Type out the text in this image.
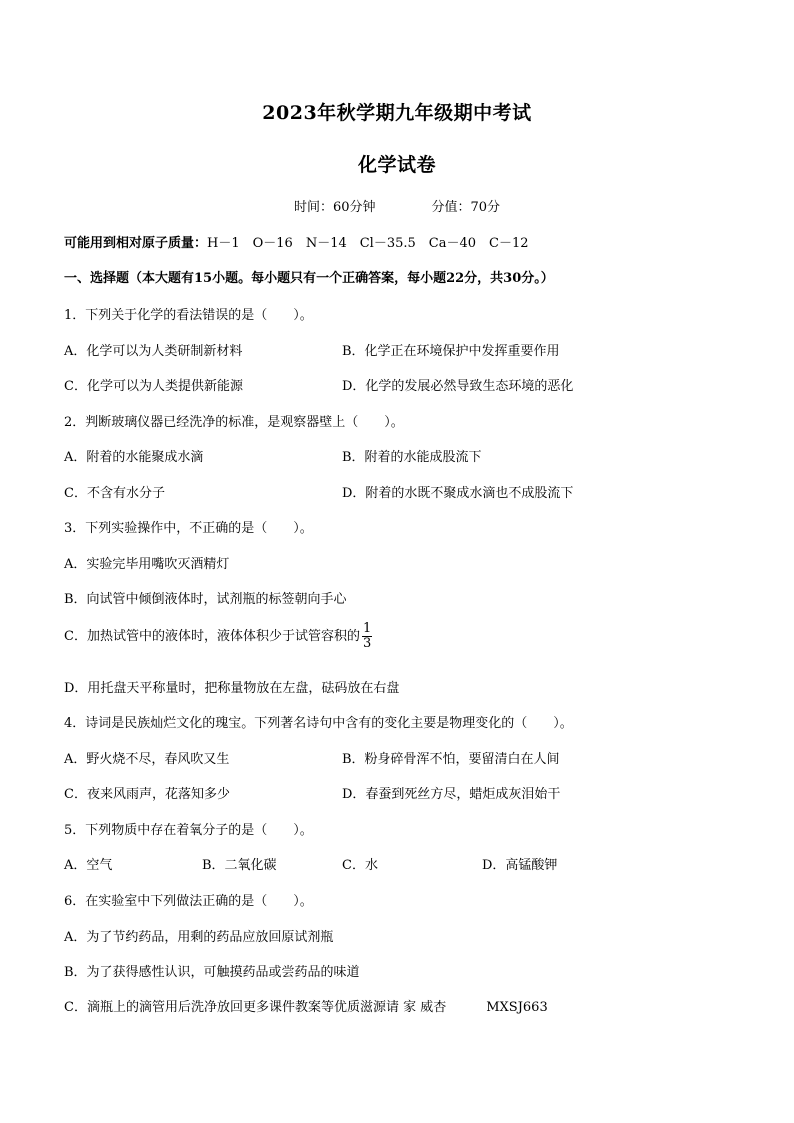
2023年秋学期九年级期中考试
化学试卷
时间：60分钟	分值：70分
可能用到相对原子质量：H－1　O－16　N－14　Cl－35.5　Ca－40　C－12
一、选择题（本大题有15小题。每小题只有一个正确答案，每小题22分，共30分。）
1．下列关于化学的看法错误的是（　　）。
A．化学可以为人类研制新材料	B．化学正在环境保护中发挥重要作用
C．化学可以为人类提供新能源	D．化学的发展必然导致生态环境的恶化
2．判断玻璃仪器已经洗净的标准，是观察器壁上（　　）。
A．附着的水能聚成水滴	B．附着的水能成股流下
C．不含有水分子	D．附着的水既不聚成水滴也不成股流下
3．下列实验操作中，不正确的是（　　）。
A．实验完毕用嘴吹灭酒精灯
B．向试管中倾倒液体时，试剂瓶的标签朝向手心
C．加热试管中的液体时，液体体积少于试管容积的 $\frac{1}{3}$
D．用托盘天平称量时，把称量物放在左盘，砝码放在右盘
4．诗词是民族灿烂文化的瑰宝。下列著名诗句中含有的变化主要是物理变化的（　　）。
A．野火烧不尽，春风吹又生	B．粉身碎骨浑不怕，要留清白在人间
C．夜来风雨声，花落知多少	D．春蚕到死丝方尽，蜡炬成灰泪始干
5．下列物质中存在着氧分子的是（　　）。
A．空气	B．二氧化碳	C．水	D．高锰酸钾
6．在实验室中下列做法正确的是（　　）。
A．为了节约药品，用剩的药品应放回原试剂瓶
B．为了获得感性认识，可触摸药品或尝药品的味道
C．滴瓶上的滴管用后洗净放回更多课件教案等优质滋源请 家 威杏	MXSJ663
